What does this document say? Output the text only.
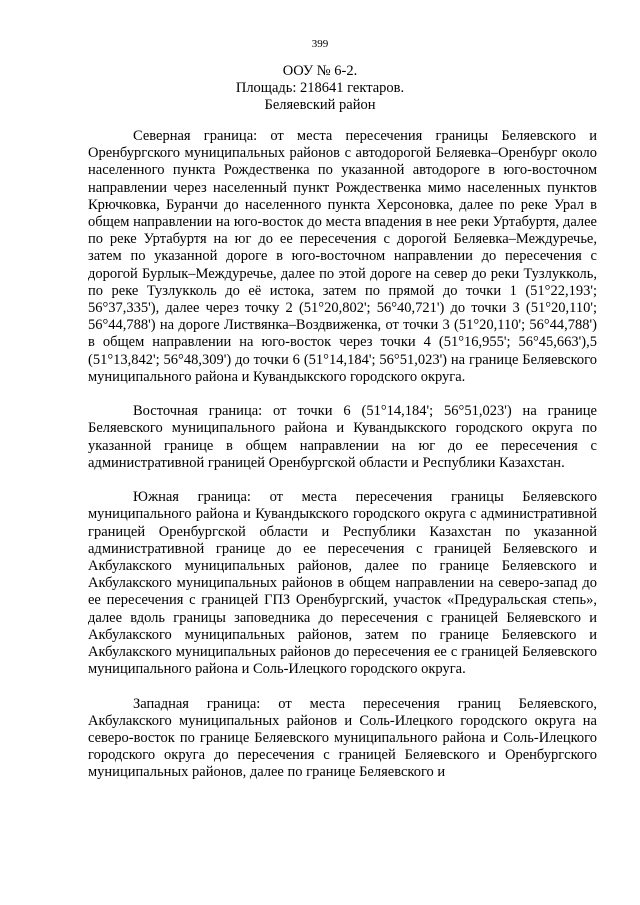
399
ООУ № 6-2.
Площадь: 218641 гектаров.
Беляевский район

Северная граница: от места пересечения границы Беляевского и Оренбургского муниципальных районов с автодорогой Беляевка–Оренбург около населенного пункта Рождественка по указанной автодороге в юго-восточном направлении через населенный пункт Рождественка мимо населенных пунктов Крючковка, Буранчи до населенного пункта Херсоновка, далее по реке Урал в общем направлении на юго-восток до места впадения в нее реки Уртабуртя, далее по реке Уртабуртя на юг до ее пересечения с дорогой Беляевка–Междуречье, затем по указанной дороге в юго-восточном направлении до пересечения с дорогой Бурлык–Междуречье, далее по этой дороге на север до реки Тузлукколь, по реке Тузлукколь до её истока, затем по прямой до точки 1 (51°22,193'; 56°37,335'), далее через точку 2 (51°20,802'; 56°40,721') до точки 3 (51°20,110'; 56°44,788') на дороге Листвянка–Воздвиженка, от точки 3 (51°20,110'; 56°44,788') в общем направлении на юго-восток через точки 4 (51°16,955'; 56°45,663'),5 (51°13,842'; 56°48,309') до точки 6 (51°14,184'; 56°51,023') на границе Беляевского муниципального района и Кувандыкского городского округа.

Восточная граница: от точки 6 (51°14,184'; 56°51,023') на границе Беляевского муниципального района и Кувандыкского городского округа по указанной границе в общем направлении на юг до ее пересечения с административной границей Оренбургской области и Республики Казахстан.

Южная граница: от места пересечения границы Беляевского муниципального района и Кувандыкского городского округа с административной границей Оренбургской области и Республики Казахстан по указанной административной границе до ее пересечения с границей Беляевского и Акбулакского муниципальных районов, далее по границе Беляевского и Акбулакского муниципальных районов в общем направлении на северо-запад до ее пересечения с границей ГПЗ Оренбургский, участок «Предуральская степь», далее вдоль границы заповедника до пересечения с границей Беляевского и Акбулакского муниципальных районов, затем по границе Беляевского и Акбулакского муниципальных районов до пересечения ее с границей Беляевского муниципального района и Соль-Илецкого городского округа.

Западная граница: от места пересечения границ Беляевского, Акбулакского муниципальных районов и Соль-Илецкого городского округа на северо-восток по границе Беляевского муниципального района и Соль-Илецкого городского округа до пересечения с границей Беляевского и Оренбургского муниципальных районов, далее по границе Беляевского и
